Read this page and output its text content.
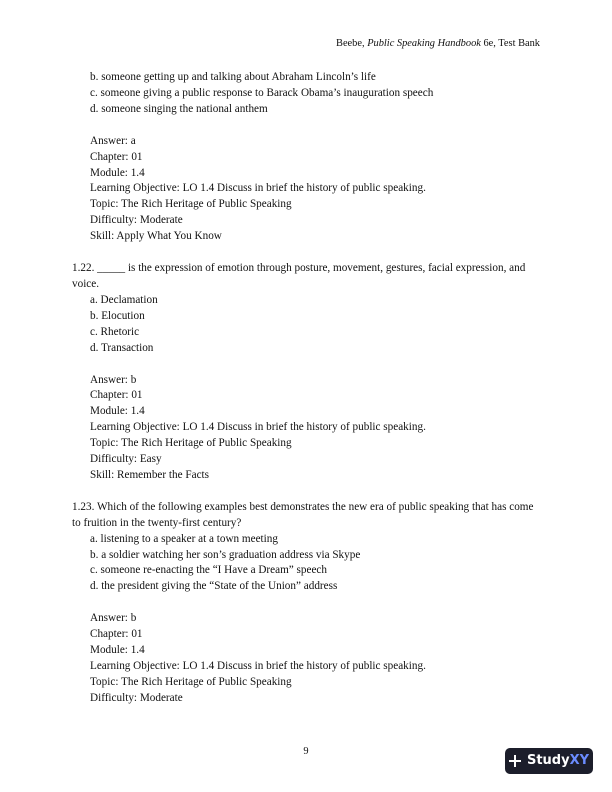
Beebe, Public Speaking Handbook 6e, Test Bank
b. someone getting up and talking about Abraham Lincoln’s life
c. someone giving a public response to Barack Obama’s inauguration speech
d. someone singing the national anthem
Answer: a
Chapter: 01
Module: 1.4
Learning Objective: LO 1.4 Discuss in brief the history of public speaking.
Topic: The Rich Heritage of Public Speaking
Difficulty: Moderate
Skill: Apply What You Know
1.22. _____ is the expression of emotion through posture, movement, gestures, facial expression, and voice.
a. Declamation
b. Elocution
c. Rhetoric
d. Transaction
Answer: b
Chapter: 01
Module: 1.4
Learning Objective: LO 1.4 Discuss in brief the history of public speaking.
Topic: The Rich Heritage of Public Speaking
Difficulty: Easy
Skill: Remember the Facts
1.23. Which of the following examples best demonstrates the new era of public speaking that has come to fruition in the twenty-first century?
a. listening to a speaker at a town meeting
b. a soldier watching her son’s graduation address via Skype
c. someone re-enacting the “I Have a Dream” speech
d. the president giving the “State of the Union” address
Answer: b
Chapter: 01
Module: 1.4
Learning Objective: LO 1.4 Discuss in brief the history of public speaking.
Topic: The Rich Heritage of Public Speaking
Difficulty: Moderate
9
StudyXY
